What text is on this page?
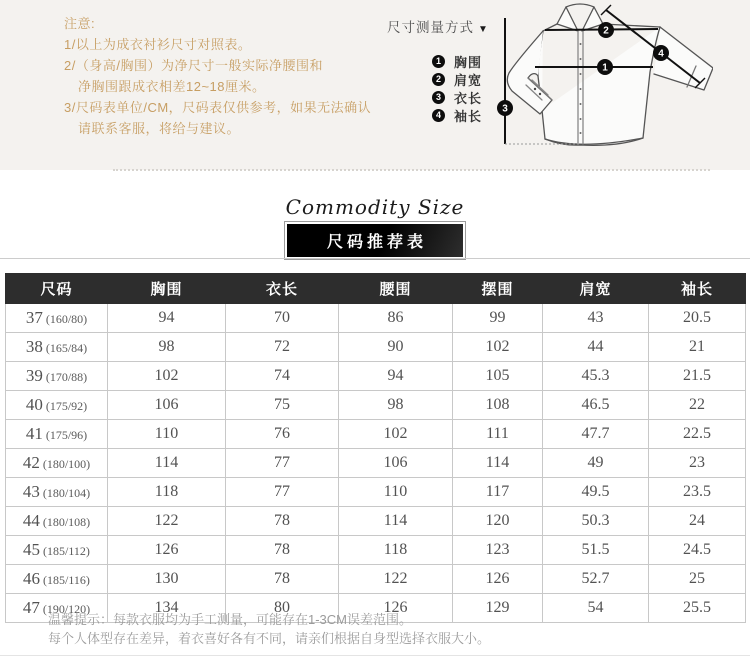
注意:
1/以上为成衣衬衫尺寸对照表。
2/（身高/胸围）为净尺寸一般实际净腰围和
净胸围跟成衣相差12~18厘米。
3/尺码表单位/CM，尺码表仅供参考，如果无法确认
请联系客服，将给与建议。
尺寸测量方式 ▼
1	胸围
2	肩宽
3	衣长
4	袖长
1
2
3
4
Commodity Size
尺码推荐表
尺码	胸围	衣长	腰围	摆围	肩宽	袖长
37 (160/80)	94	70	86	99	43	20.5
38 (165/84)	98	72	90	102	44	21
39 (170/88)	102	74	94	105	45.3	21.5
40 (175/92)	106	75	98	108	46.5	22
41 (175/96)	110	76	102	111	47.7	22.5
42 (180/100)	114	77	106	114	49	23
43 (180/104)	118	77	110	117	49.5	23.5
44 (180/108)	122	78	114	120	50.3	24
45 (185/112)	126	78	118	123	51.5	24.5
46 (185/116)	130	78	122	126	52.7	25
47 (190/120)	134	80	126	129	54	25.5
温馨提示：每款衣服均为手工测量，可能存在1-3CM误差范围。
每个人体型存在差异，着衣喜好各有不同，请亲们根据自身型选择衣服大小。
